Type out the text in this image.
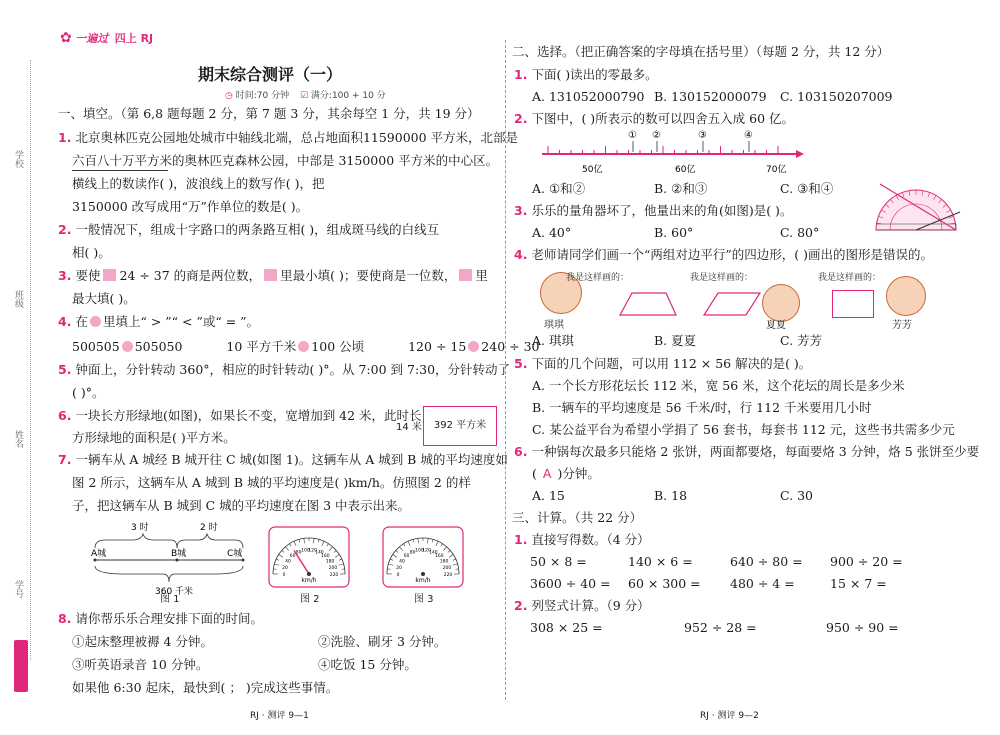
学校
班级
姓名
学号
✿ 一遍过 四上 RJ
期末综合测评（一）
◷ 时间:70 分钟 ☑ 满分:100 + 10 分
一、填空。（第 6,8 题每题 2 分，第 7 题 3 分，其余每空 1 分，共 19 分）
1. 北京奥林匹克公园地处城市中轴线北端，总占地面积11590000 平方米，北部是
六百八十万平方米的奥林匹克森林公园，中部是 3150000 平方米的中心区。
横线上的数读作( )，波浪线上的数写作( )，把
3150000 改写成用“万”作单位的数是( )。
2. 一般情况下，组成十字路口的两条路互相( )，组成斑马线的白线互
相( )。
3. 要使 24 ÷ 37 的商是两位数， 里最小填( )；要使商是一位数， 里
最大填( )。
4. 在 里填上“ > ”“ < ”或“ = ”。
500505 505050	10 平方千米 100 公顷	120 ÷ 15 240 ÷ 30
5. 钟面上，分针转动 360°，相应的时针转动( )°。从 7:00 到 7:30，分针转动了
( )°。
6. 一块长方形绿地(如图)，如果长不变，宽增加到 42 米，此时长
方形绿地的面积是( )平方米。
14 米	392 平方米
7. 一辆车从 A 城经 B 城开往 C 城(如图 1)。这辆车从 A 城到 B 城的平均速度如
图 2 所示，这辆车从 A 城到 B 城的平均速度是( )km/h。仿照图 2 的样
子，把这辆车从 B 城到 C 城的平均速度在图 3 中表示出来。
3 时	2 时
A城	B城	C城
360 千米
图 1
0
20
40
60
80 100
120
140
160
180
200
220
km/h
图 2
0
20
40
60
80 100
120
140
160
180
200
220
km/h
图 3
8. 请你帮乐乐合理安排下面的时间。
①起床整理被褥 4 分钟。	②洗脸、刷牙 3 分钟。
③听英语录音 10 分钟。	④吃饭 15 分钟。
如果他 6:30 起床，最快到( ； )完成这些事情。
RJ · 测评 9—1
二、选择。（把正确答案的字母填在括号里）（每题 2 分，共 12 分）
1. 下面( )读出的零最多。
A. 131052000790 B. 130152000079 C. 103150207009
2. 下图中，( )所表示的数可以四舍五入成 60 亿。
① ②	③	④
50亿	60亿	70亿
A. ①和②	B. ②和③	C. ③和④
3. 乐乐的量角器坏了，他量出来的角(如图)是( )。
A. 40°	B. 60°	C. 80°
4. 老师请同学们画一个“两组对边平行”的四边形，( )画出的图形是错误的。
琪琪
我是这样画的：	我是这样画的：
夏夏
我是这样画的：
芳芳
A. 琪琪	B. 夏夏	C. 芳芳
5. 下面的几个问题，可以用 112 × 56 解决的是( )。
A. 一个长方形花坛长 112 米，宽 56 米，这个花坛的周长是多少米
B. 一辆车的平均速度是 56 千米/时，行 112 千米要用几小时
C. 某公益平台为希望小学捐了 56 套书，每套书 112 元，这些书共需多少元
6. 一种锅每次最多只能烙 2 张饼，两面都要烙，每面要烙 3 分钟，烙 5 张饼至少要
( A )分钟。
A. 15	B. 18	C. 30
三、计算。（共 22 分）
1. 直接写得数。（4 分）
50 × 8 =	140 × 6 =	640 ÷ 80 = 900 ÷ 20 =
3600 ÷ 40 = 60 × 300 = 480 ÷ 4 =	15 × 7 =
2. 列竖式计算。（9 分）
308 × 25 =	952 ÷ 28 =	950 ÷ 90 =
RJ · 测评 9—2
